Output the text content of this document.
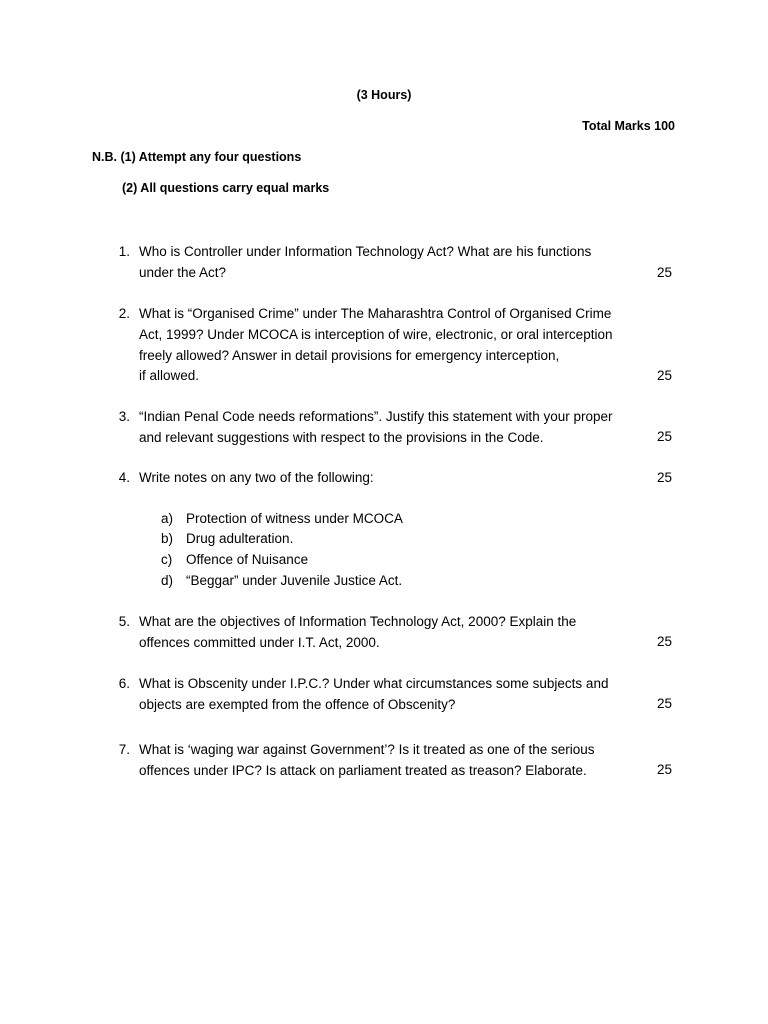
(3 Hours)
Total Marks 100
N.B. (1) Attempt any four questions
(2) All questions carry equal marks
1. Who is Controller under Information Technology Act? What are his functions
under the Act?	25
2. What is “Organised Crime” under The Maharashtra Control of Organised Crime
Act, 1999? Under MCOCA is interception of wire, electronic, or oral interception
freely allowed? Answer in detail provisions for emergency interception,
if allowed.	25
3. “Indian Penal Code needs reformations”. Justify this statement with your proper
and relevant suggestions with respect to the provisions in the Code.	25
4. Write notes on any two of the following:	25
a) Protection of witness under MCOCA
b) Drug adulteration.
c)	Offence of Nuisance
d) “Beggar” under Juvenile Justice Act.
5. What are the objectives of Information Technology Act, 2000? Explain the
offences committed under I.T. Act, 2000.	25
6. What is Obscenity under I.P.C.? Under what circumstances some subjects and
objects are exempted from the offence of Obscenity?	25
7. What is ‘waging war against Government’? Is it treated as one of the serious
offences under IPC? Is attack on parliament treated as treason? Elaborate.	25
